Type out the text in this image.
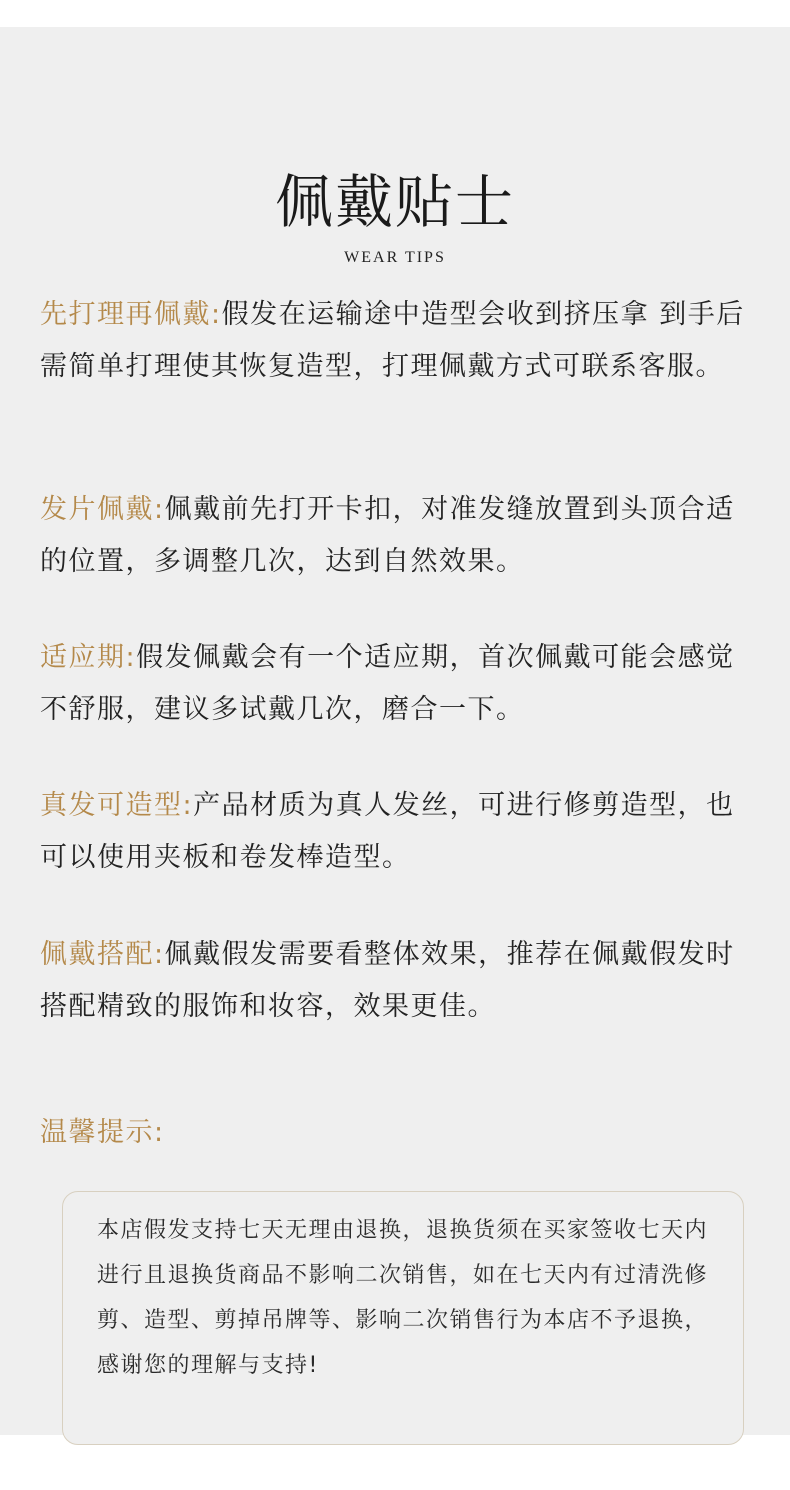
佩戴贴士
WEAR TIPS

先打理再佩戴:假发在运输途中造型会收到挤压拿 到手后需简单打理使其恢复造型，打理佩戴方式可联系客服。

发片佩戴:佩戴前先打开卡扣，对准发缝放置到头顶合适的位置，多调整几次，达到自然效果。

适应期:假发佩戴会有一个适应期，首次佩戴可能会感觉不舒服，建议多试戴几次，磨合一下。

真发可造型:产品材质为真人发丝，可进行修剪造型，也可以使用夹板和卷发棒造型。

佩戴搭配:佩戴假发需要看整体效果，推荐在佩戴假发时搭配精致的服饰和妆容，效果更佳。

温馨提示:

本店假发支持七天无理由退换，退换货须在买家签收七天内进行且退换货商品不影响二次销售，如在七天内有过清洗修剪、造型、剪掉吊牌等、影响二次销售行为本店不予退换，感谢您的理解与支持!
